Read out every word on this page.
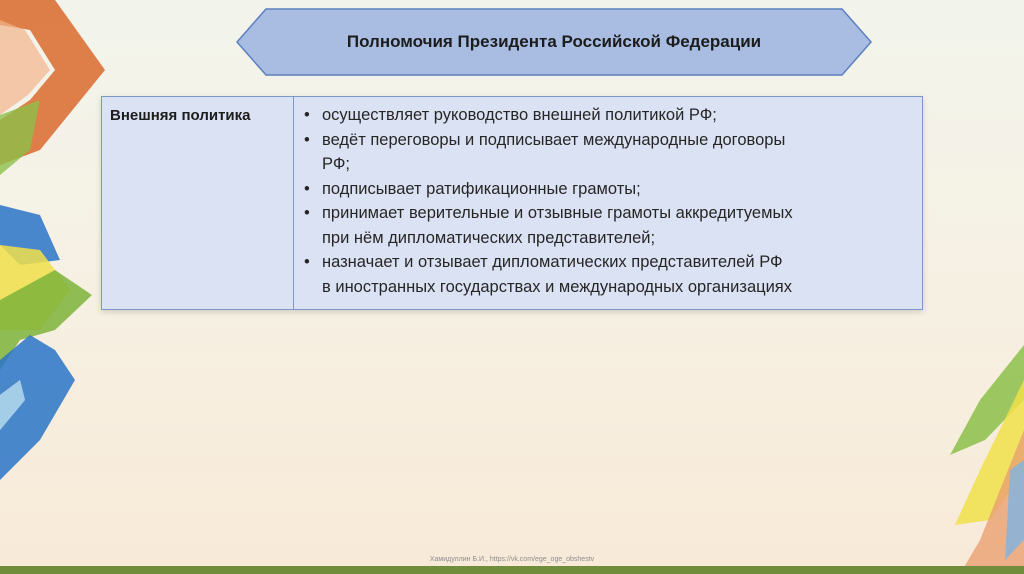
Полномочия Президента Российской Федерации
Внешняя политика	• осуществляет руководство внешней политикой РФ;
• ведёт переговоры и подписывает международные договоры
РФ;
• подписывает ратификационные грамоты;
• принимает верительные и отзывные грамоты аккредитуемых
при нём дипломатических представителей;
• назначает и отзывает дипломатических представителей РФ
в иностранных государствах и международных организациях
Хамидуллин Б.И., https://vk.com/ege_oge_obshestv
